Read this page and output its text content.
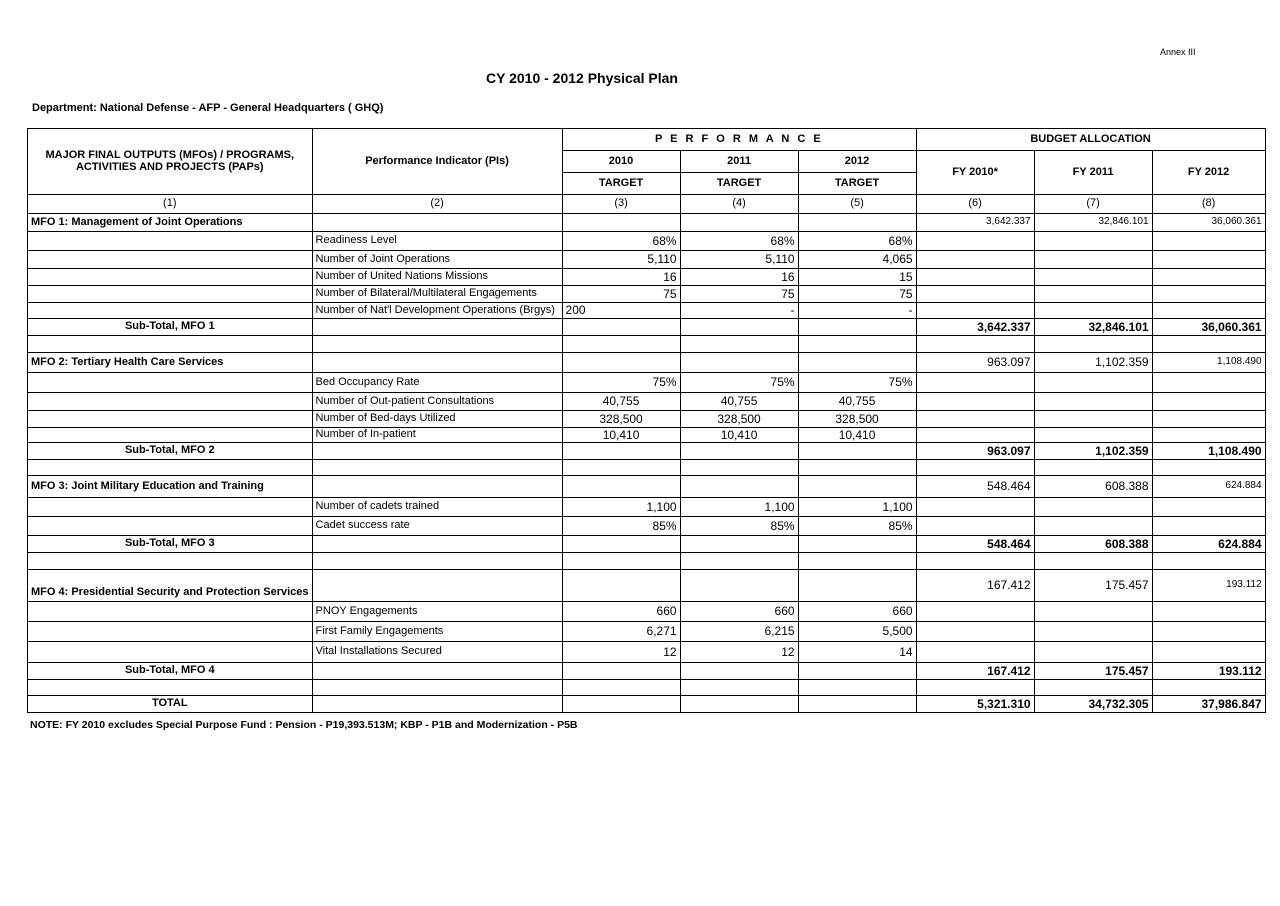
Annex III
CY 2010 - 2012 Physical Plan
Department: National Defense - AFP - General Headquarters ( GHQ)
MAJOR FINAL OUTPUTS (MFOs) / PROGRAMS, ACTIVITIES AND PROJECTS (PAPs)	Performance Indicator (PIs)	P E R F O R M A N C E			BUDGET ALLOCATION		
		2010	2011	2012	FY 2010*	FY 2011	FY 2012
		TARGET	TARGET	TARGET			
(1)	(2)	(3)	(4)	(5)	(6)	(7)	(8)
MFO 1: Management of Joint Operations					3,642.337	32,846.101	36,060.361
	Readiness Level	68%	68%	68%			
	Number of Joint Operations	5,110	5,110	4,065			
	Number of United Nations Missions	16	16	15			
	Number of Bilateral/Multilateral Engagements	75	75	75			
	Number of Nat'l Development Operations (Brgys)	200	-	-			
Sub-Total, MFO 1					3,642.337	32,846.101	36,060.361

MFO 2: Tertiary Health Care Services					963.097	1,102.359	1,108.490
	Bed Occupancy Rate	75%	75%	75%			
	Number of Out-patient Consultations	40,755	40,755	40,755			
	Number of Bed-days Utilized	328,500	328,500	328,500			
	Number of In-patient	10,410	10,410	10,410			
Sub-Total, MFO 2					963.097	1,102.359	1,108.490

MFO 3: Joint Military Education and Training					548.464	608.388	624.884
	Number of cadets trained	1,100	1,100	1,100			
	Cadet success rate	85%	85%	85%			
Sub-Total, MFO 3					548.464	608.388	624.884

MFO 4: Presidential Security and Protection Services					167.412	175.457	193.112
	PNOY Engagements	660	660	660			
	First Family Engagements	6,271	6,215	5,500			
	Vital Installations Secured	12	12	14			
Sub-Total, MFO 4					167.412	175.457	193.112

TOTAL					5,321.310	34,732.305	37,986.847
NOTE: FY 2010 excludes Special Purpose Fund : Pension - P19,393.513M; KBP - P1B and Modernization - P5B
